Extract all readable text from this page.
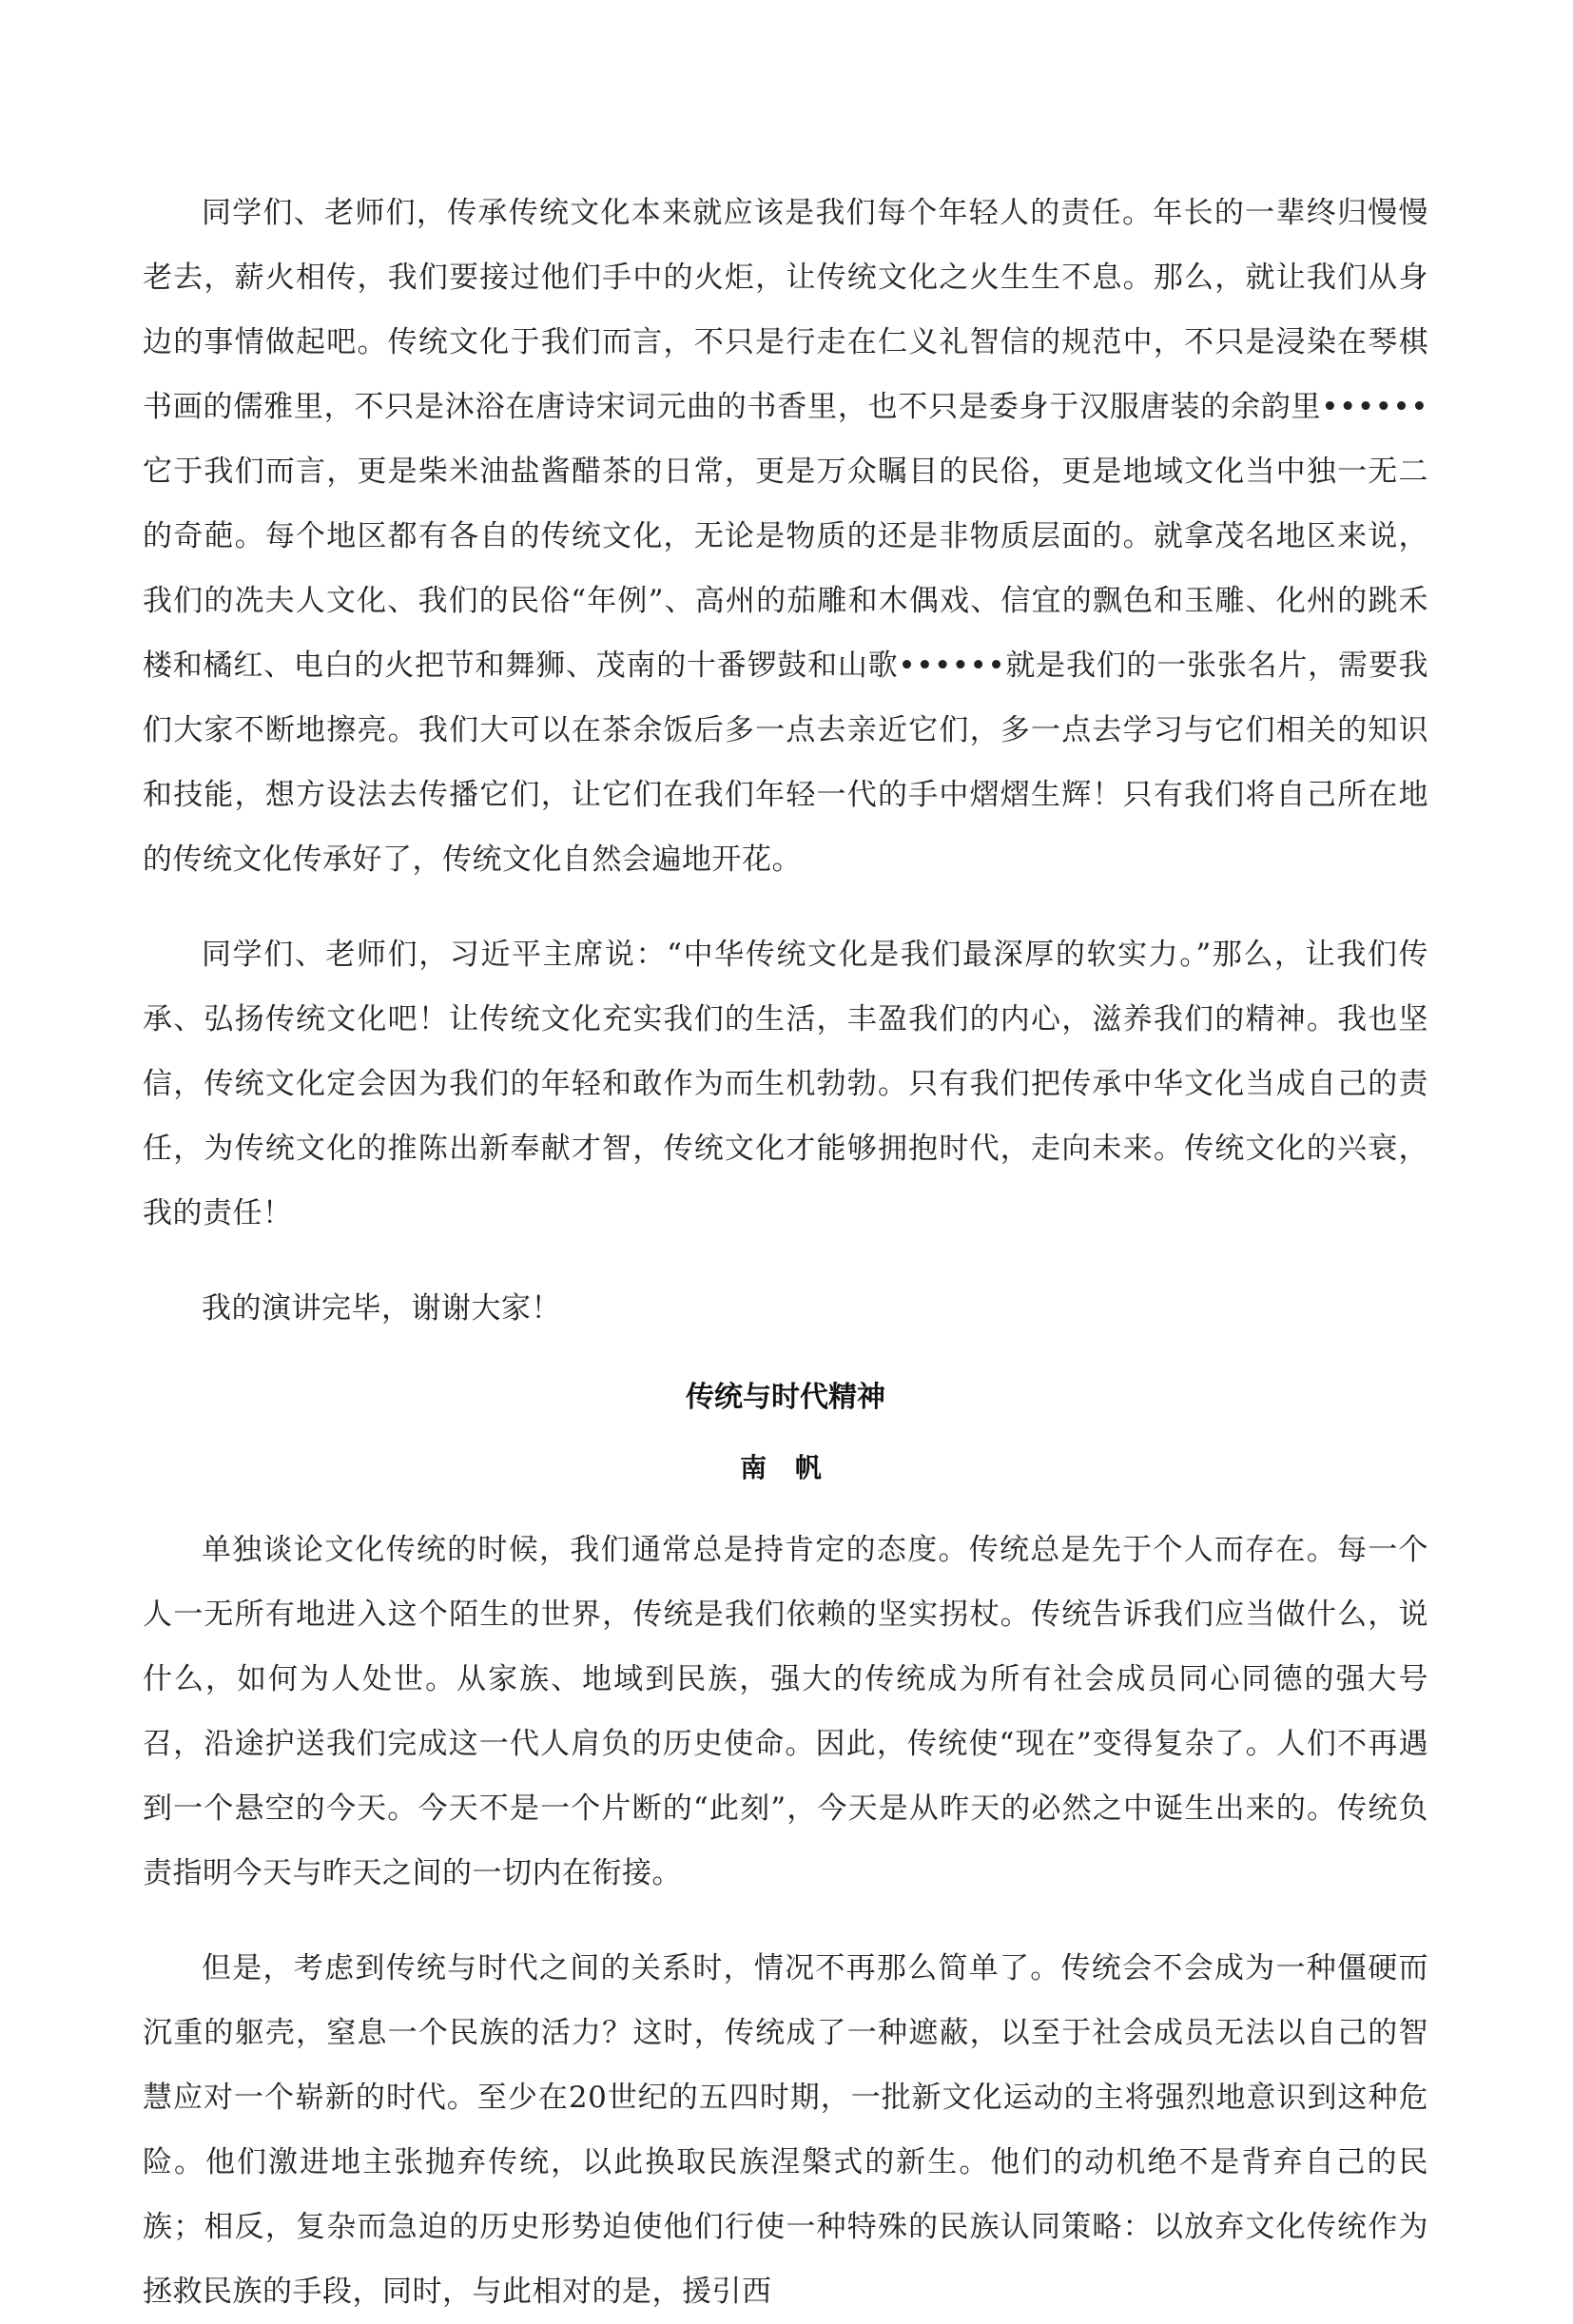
同学们、老师们，传承传统文化本来就应该是我们每个年轻人的责任。年长的一辈终归慢慢老去，薪火相传，我们要接过他们手中的火炬，让传统文化之火生生不息。那么，就让我们从身边的事情做起吧。传统文化于我们而言，不只是行走在仁义礼智信的规范中，不只是浸染在琴棋书画的儒雅里，不只是沐浴在唐诗宋词元曲的书香里，也不只是委身于汉服唐装的余韵里••••••它于我们而言，更是柴米油盐酱醋茶的日常，更是万众瞩目的民俗，更是地域文化当中独一无二的奇葩。每个地区都有各自的传统文化，无论是物质的还是非物质层面的。就拿茂名地区来说，我们的冼夫人文化、我们的民俗“年例”、高州的茄雕和木偶戏、信宜的飘色和玉雕、化州的跳禾楼和橘红、电白的火把节和舞狮、茂南的十番锣鼓和山歌••••••就是我们的一张张名片，需要我们大家不断地擦亮。我们大可以在茶余饭后多一点去亲近它们，多一点去学习与它们相关的知识和技能，想方设法去传播它们，让它们在我们年轻一代的手中熠熠生辉！只有我们将自己所在地的传统文化传承好了，传统文化自然会遍地开花。

同学们、老师们，习近平主席说：“中华传统文化是我们最深厚的软实力。”那么，让我们传承、弘扬传统文化吧！让传统文化充实我们的生活，丰盈我们的内心，滋养我们的精神。我也坚信，传统文化定会因为我们的年轻和敢作为而生机勃勃。只有我们把传承中华文化当成自己的责任，为传统文化的推陈出新奉献才智，传统文化才能够拥抱时代，走向未来。传统文化的兴衰，我的责任！

我的演讲完毕，谢谢大家！

传统与时代精神
南 帆

单独谈论文化传统的时候，我们通常总是持肯定的态度。传统总是先于个人而存在。每一个人一无所有地进入这个陌生的世界，传统是我们依赖的坚实拐杖。传统告诉我们应当做什么，说什么，如何为人处世。从家族、地域到民族，强大的传统成为所有社会成员同心同德的强大号召，沿途护送我们完成这一代人肩负的历史使命。因此，传统使“现在”变得复杂了。人们不再遇到一个悬空的今天。今天不是一个片断的“此刻”，今天是从昨天的必然之中诞生出来的。传统负责指明今天与昨天之间的一切内在衔接。

但是，考虑到传统与时代之间的关系时，情况不再那么简单了。传统会不会成为一种僵硬而沉重的躯壳，窒息一个民族的活力？这时，传统成了一种遮蔽，以至于社会成员无法以自己的智慧应对一个崭新的时代。至少在20世纪的五四时期，一批新文化运动的主将强烈地意识到这种危险。他们激进地主张抛弃传统，以此换取民族涅槃式的新生。他们的动机绝不是背弃自己的民族；相反，复杂而急迫的历史形势迫使他们行使一种特殊的民族认同策略：以放弃文化传统作为拯救民族的手段，同时，与此相对的是，援引西
